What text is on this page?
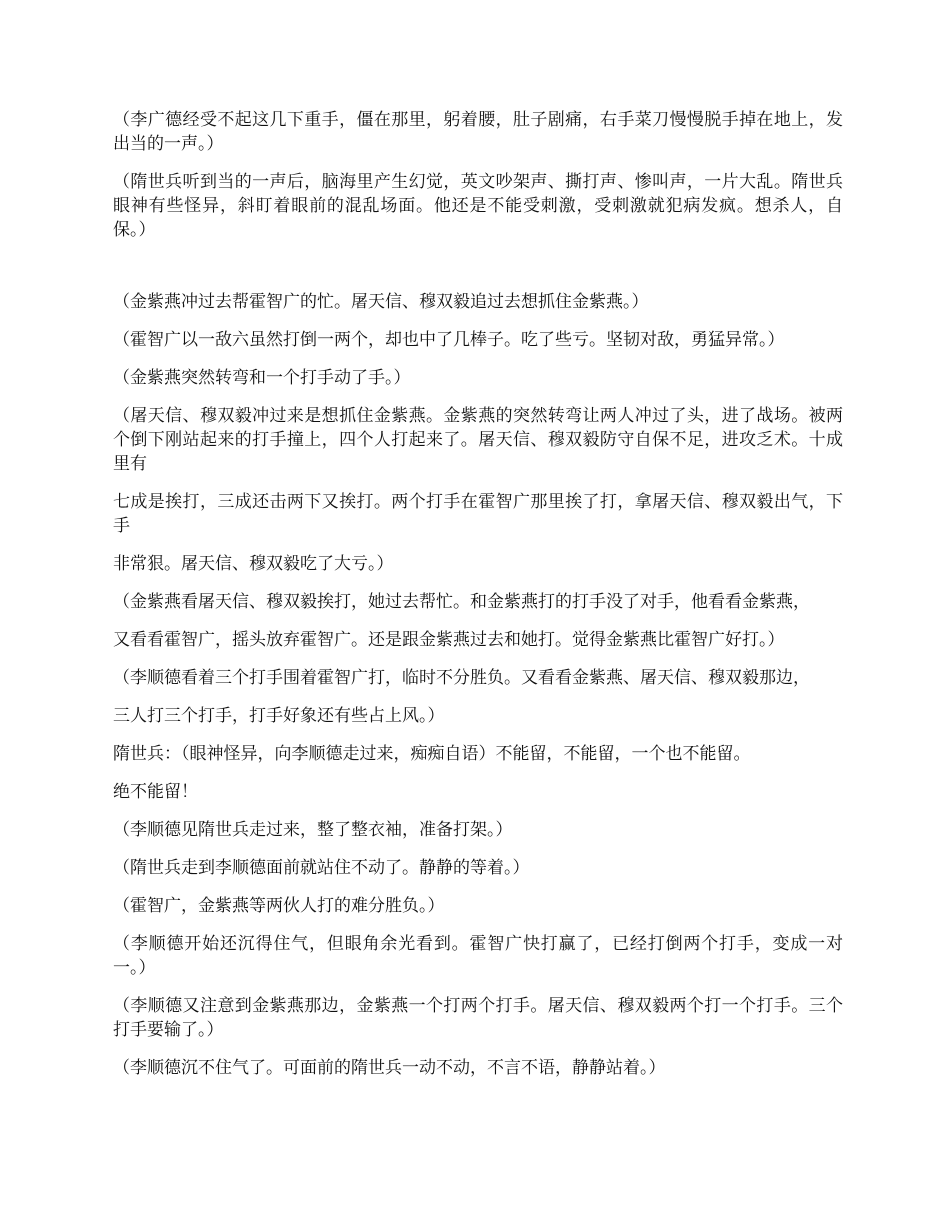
（李广德经受不起这几下重手，僵在那里，躬着腰，肚子剧痛，右手菜刀慢慢脱手掉在地上，发出当的一声。）

（隋世兵听到当的一声后，脑海里产生幻觉，英文吵架声、撕打声、惨叫声，一片大乱。隋世兵眼神有些怪异，斜盯着眼前的混乱场面。他还是不能受刺激，受刺激就犯病发疯。想杀人，自保。）

（金紫燕冲过去帮霍智广的忙。屠天信、穆双毅追过去想抓住金紫燕。）

（霍智广以一敌六虽然打倒一两个，却也中了几棒子。吃了些亏。坚韧对敌，勇猛异常。）

（金紫燕突然转弯和一个打手动了手。）

（屠天信、穆双毅冲过来是想抓住金紫燕。金紫燕的突然转弯让两人冲过了头，进了战场。被两个倒下刚站起来的打手撞上，四个人打起来了。屠天信、穆双毅防守自保不足，进攻乏术。十成里有

七成是挨打，三成还击两下又挨打。两个打手在霍智广那里挨了打，拿屠天信、穆双毅出气，下手

非常狠。屠天信、穆双毅吃了大亏。）

（金紫燕看屠天信、穆双毅挨打，她过去帮忙。和金紫燕打的打手没了对手，他看看金紫燕，

又看看霍智广，摇头放弃霍智广。还是跟金紫燕过去和她打。觉得金紫燕比霍智广好打。）

（李顺德看着三个打手围着霍智广打，临时不分胜负。又看看金紫燕、屠天信、穆双毅那边，

三人打三个打手，打手好象还有些占上风。）

隋世兵：（眼神怪异，向李顺德走过来，痴痴自语）不能留，不能留，一个也不能留。

绝不能留！

（李顺德见隋世兵走过来，整了整衣袖，准备打架。）

（隋世兵走到李顺德面前就站住不动了。静静的等着。）

（霍智广，金紫燕等两伙人打的难分胜负。）

（李顺德开始还沉得住气，但眼角余光看到。霍智广快打赢了，已经打倒两个打手，变成一对一。）

（李顺德又注意到金紫燕那边，金紫燕一个打两个打手。屠天信、穆双毅两个打一个打手。三个打手要输了。）

（李顺德沉不住气了。可面前的隋世兵一动不动，不言不语，静静站着。）
